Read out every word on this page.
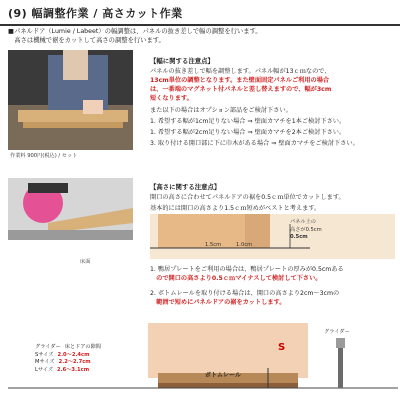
(9) 幅調整作業 / 高さカット作業
■パネルドア（Lumie / Labeet）の幅調整は、パネルの抜き差しで幅の調整を行います。
　高さは機械で裾をカットして高さの調整を行います。
作業料 900円(税込) / セット
【幅に関する注意点】
パネルの抜き差しで幅を調整します。パネル幅が13ｃｍなので、
13cm単位の調整となります。また壁面固定パネルご利用の場合
は、一番端のマグネット付パネルと差し替えますので、幅が3cm
短くなります。
また以下の場合はオプション部品をご検討下さい。
1. 希望する幅が1cm足りない場合 ⇒ 壁面カマチを1本ご検討下さい。
1. 希望する幅が2cm足りない場合 ⇒ 壁面カマチを2本ご検討下さい。
3. 取り付ける開口部に下に巾木がある場合 ⇒ 壁面カマチをご検討下さい。
【高さに関する注意点】
開口の高さに合わせてパネルドアの裾を0.5ｃｍ単位でカットします。
基本的には開口の高さより1.5ｃｍ短めがベストと考えます。
床面
1.5cm	1.0cm
パネル上の
高さが0.5cm
0.5cm
1. 鴨居プレートをご利用の場合は、鴨居プレートの厚みが0.5cmある
　ので開口の高さより0.5ｃｍマイナスして検討して下さい。
2. ボトムレールを取り付ける場合は、開口の高さより2cm〜3cmの
　範囲で短めにパネルドアの裾をカットします。
ボトムレール
S
グライダー
グライダー 床とドアの隙間
Sサイズ 2.0〜2.4cm
Mサイズ 2.2〜2.7cm
Lサイズ 2.6〜3.1cm
